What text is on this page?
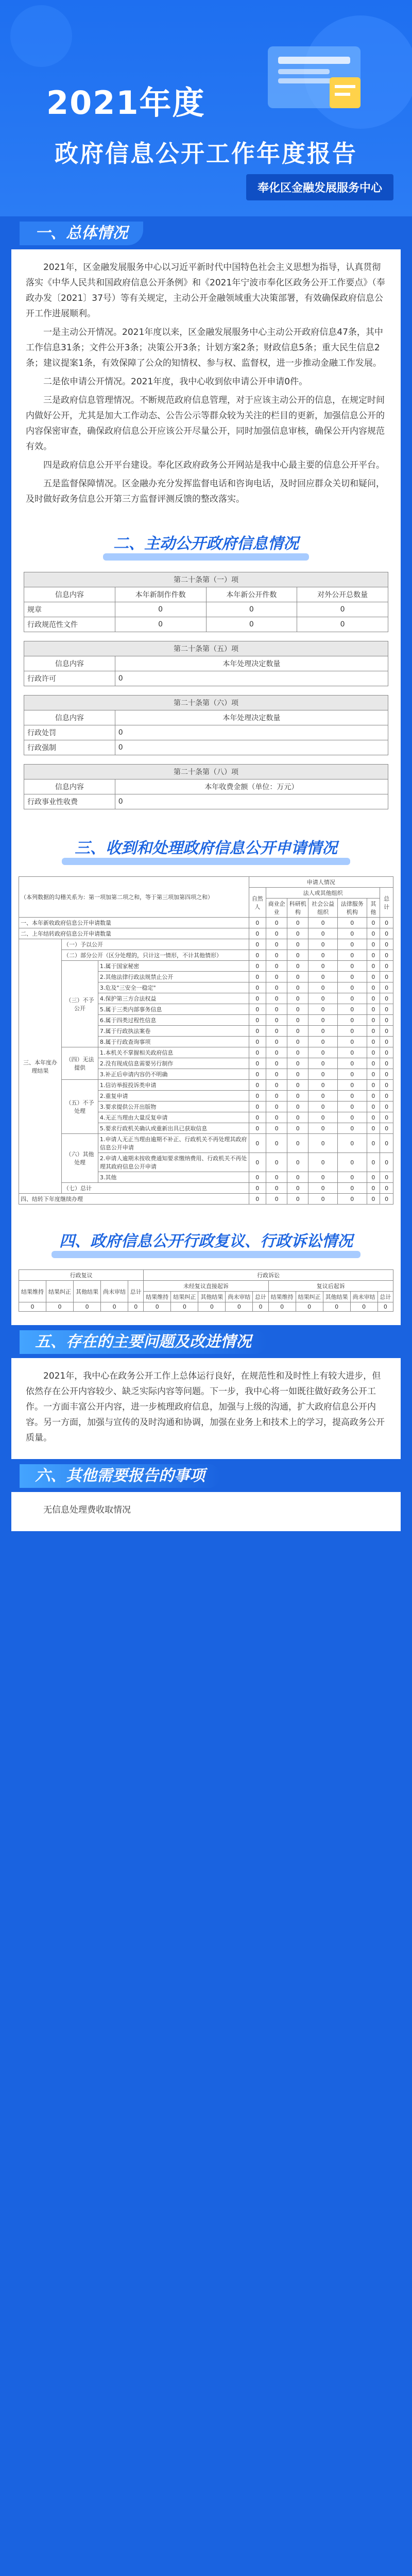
2021年度
政府信息公开工作年度报告
奉化区金融发展服务中心
一、总体情况

2021年，区金融发展服务中心以习近平新时代中国特色社会主义思想为指导，认真贯彻落实《中华人民共和国政府信息公开条例》和《2021年宁波市奉化区政务公开工作要点》（奉政办发〔2021〕37号）等有关规定，主动公开金融领域重大决策部署，有效确保政府信息公开工作进展顺利。

一是主动公开情况。2021年度以来，区金融发展服务中心主动公开政府信息47条，其中工作信息31条；文件公开3条；决策公开3条；计划方案2条；财政信息5条；重大民生信息2条；建议提案1条，有效保障了公众的知情权、参与权、监督权，进一步推动金融工作发展。

二是依申请公开情况。2021年度，我中心收到依申请公开申请0件。

三是政府信息管理情况。不断规范政府信息管理，对于应该主动公开的信息，在规定时间内做好公开，尤其是加大工作动态、公告公示等群众较为关注的栏目的更新，加强信息公开的内容保密审查，确保政府信息公开应该公开尽量公开，同时加强信息审核，确保公开内容规范有效。

四是政府信息公开平台建设。奉化区政府政务公开网站是我中心最主要的信息公开平台。

五是监督保障情况。区金融办充分发挥监督电话和咨询电话，及时回应群众关切和疑问，及时做好政务信息公开第三方监督评测反馈的整改落实。

二、主动公开政府信息情况
第二十条第（一）项			
信息内容	本年新制作件数	本年新公开件数	对外公开总数量
规章	0	0	0
行政规范性文件	0	0	0

第二十条第（五）项			
信息内容	本年处理决定数量		
行政许可	0		

第二十条第（六）项			
信息内容	本年处理决定数量		
行政处罚	0		
行政强制	0		

第二十条第（八）项			
信息内容	本年收费金额（单位：万元）		
行政事业性收费	0		
三、收到和处理政府信息公开申请情况
（本列数据的勾稽关系为：第一项加第二项之和，等于第三项加第四项之和）			申请人情况						
			自然人	法人或其他组织					总计
				商业企业	科研机构	社会公益组织	法律服务机构	其他	
一、本年新收政府信息公开申请数量			0	0	0	0	0	0	0
二、上年结转政府信息公开申请数量			0	0	0	0	0	0	0
三、本年度办理结果	（一）予以公开		0	0	0	0	0	0	0
	（二）部分公开（区分处理的，只计这一情形，不计其他情形）		0	0	0	0	0	0	0
	（三）不予公开	1.属于国家秘密	0	0	0	0	0	0	0
		2.其他法律行政法规禁止公开	0	0	0	0	0	0	0
		3.危及"三安全一稳定"	0	0	0	0	0	0	0
		4.保护第三方合法权益	0	0	0	0	0	0	0
		5.属于三类内部事务信息	0	0	0	0	0	0	0
		6.属于四类过程性信息	0	0	0	0	0	0	0
		7.属于行政执法案卷	0	0	0	0	0	0	0
		8.属于行政查询事项	0	0	0	0	0	0	0
	（四）无法提供	1.本机关不掌握相关政府信息	0	0	0	0	0	0	0
		2.没有现成信息需要另行制作	0	0	0	0	0	0	0
		3.补正后申请内容仍不明确	0	0	0	0	0	0	0
	（五）不予处理	1.信访举报投诉类申请	0	0	0	0	0	0	0
		2.重复申请	0	0	0	0	0	0	0
		3.要求提供公开出版物	0	0	0	0	0	0	0
		4.无正当理由大量反复申请	0	0	0	0	0	0	0
		5.要求行政机关确认或重新出具已获取信息	0	0	0	0	0	0	0
	（六）其他处理	1.申请人无正当理由逾期不补正、行政机关不再处理其政府信息公开申请	0	0	0	0	0	0	0
		2.申请人逾期未按收费通知要求缴纳费用、行政机关不再处理其政府信息公开申请	0	0	0	0	0	0	0
		3.其他	0	0	0	0	0	0	0
	（七）总计		0	0	0	0	0	0	0
四、结转下年度继续办理			0	0	0	0	0	0	0
四、政府信息公开行政复议、行政诉讼情况
行政复议					行政诉讼									
结果维持	结果纠正	其他结果	尚未审结	总计	未经复议直接起诉					复议后起诉				
					结果维持	结果纠正	其他结果	尚未审结	总计	结果维持	结果纠正	其他结果	尚未审结	总计
0	0	0	0	0	0	0	0	0	0	0	0	0	0	0
五、存在的主要问题及改进情况

2021年，我中心在政务公开工作上总体运行良好，在规范性和及时性上有较大进步，但依然存在公开内容较少、缺乏实际内容等问题。下一步，我中心将一如既往做好政务公开工作。一方面丰富公开内容，进一步梳理政府信息，加强与上级的沟通，扩大政府信息公开内容。另一方面，加强与宣传的及时沟通和协调，加强在业务上和技术上的学习，提高政务公开质量。

六、其他需要报告的事项

无信息处理费收取情况
